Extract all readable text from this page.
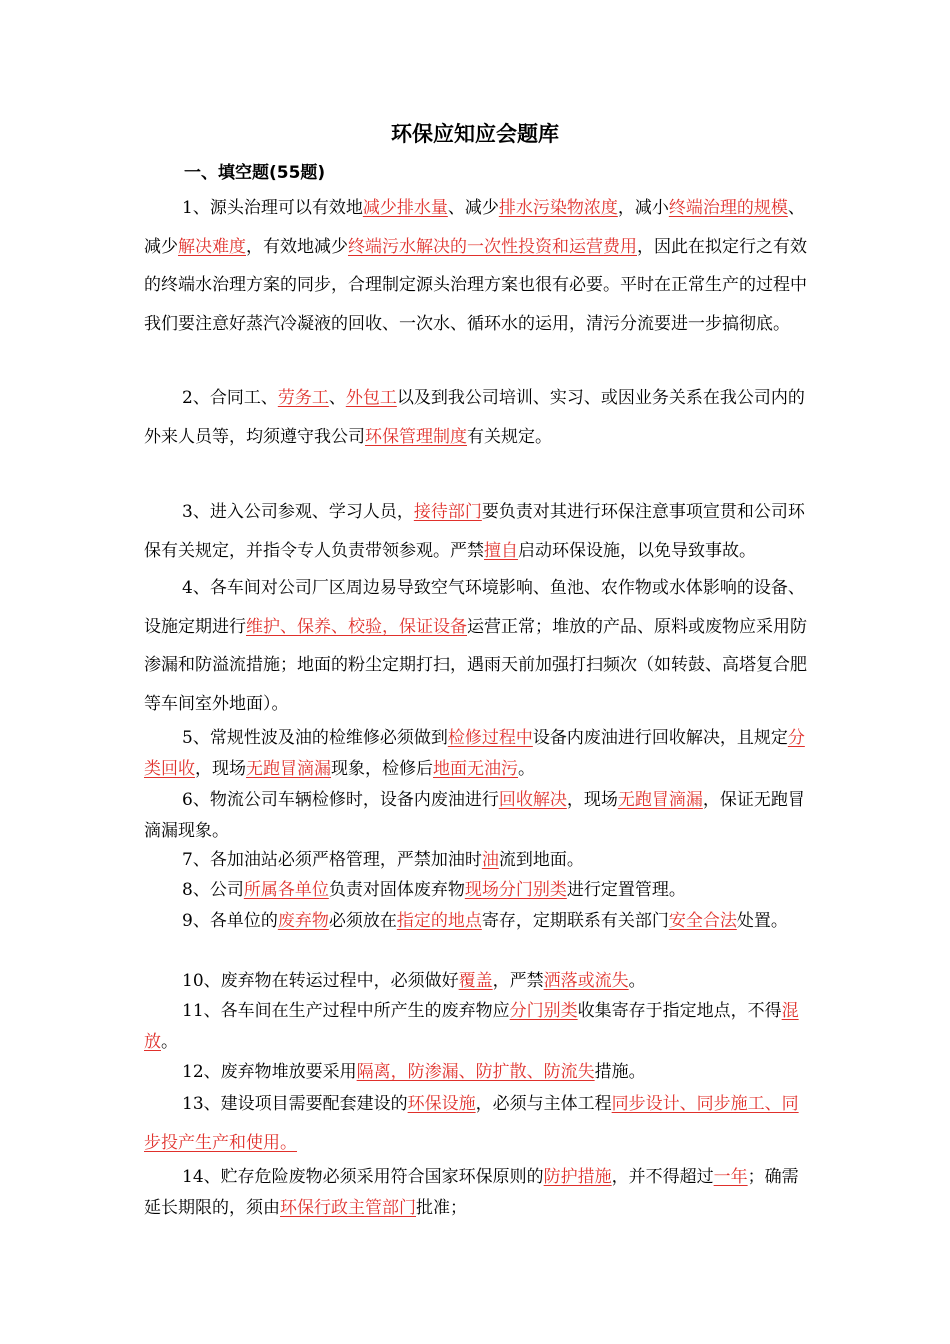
环保应知应会题库
一、填空题(55题)

1、源头治理可以有效地减少排水量、减少排水污染物浓度，减小终端治理的规模、减少解决难度，有效地减少终端污水解决的一次性投资和运营费用，因此在拟定行之有效的终端水治理方案的同步，合理制定源头治理方案也很有必要。平时在正常生产的过程中我们要注意好蒸汽冷凝液的回收、一次水、循环水的运用，清污分流要进一步搞彻底。

2、合同工、劳务工、外包工以及到我公司培训、实习、或因业务关系在我公司内的外来人员等，均须遵守我公司环保管理制度有关规定。

3、进入公司参观、学习人员，接待部门要负责对其进行环保注意事项宣贯和公司环保有关规定，并指令专人负责带领参观。严禁擅自启动环保设施，以免导致事故。

4、各车间对公司厂区周边易导致空气环境影响、鱼池、农作物或水体影响的设备、设施定期进行维护、保养、校验，保证设备运营正常；堆放的产品、原料或废物应采用防渗漏和防溢流措施；地面的粉尘定期打扫，遇雨天前加强打扫频次（如转鼓、高塔复合肥等车间室外地面）。

5、常规性波及油的检维修必须做到检修过程中设备内废油进行回收解决，且规定分类回收，现场无跑冒滴漏现象，检修后地面无油污。

6、物流公司车辆检修时，设备内废油进行回收解决，现场无跑冒滴漏，保证无跑冒滴漏现象。

7、各加油站必须严格管理，严禁加油时油流到地面。

8、公司所属各单位负责对固体废弃物现场分门别类进行定置管理。

9、各单位的废弃物必须放在指定的地点寄存，定期联系有关部门安全合法处置。

10、废弃物在转运过程中，必须做好覆盖，严禁洒落或流失。

11、各车间在生产过程中所产生的废弃物应分门别类收集寄存于指定地点，不得混放。

12、废弃物堆放要采用隔离，防渗漏、防扩散、防流失措施。

13、建设项目需要配套建设的环保设施，必须与主体工程同步设计、同步施工、同步投产生产和使用。

14、贮存危险废物必须采用符合国家环保原则的防护措施，并不得超过一年；确需延长期限的，须由环保行政主管部门批准；
